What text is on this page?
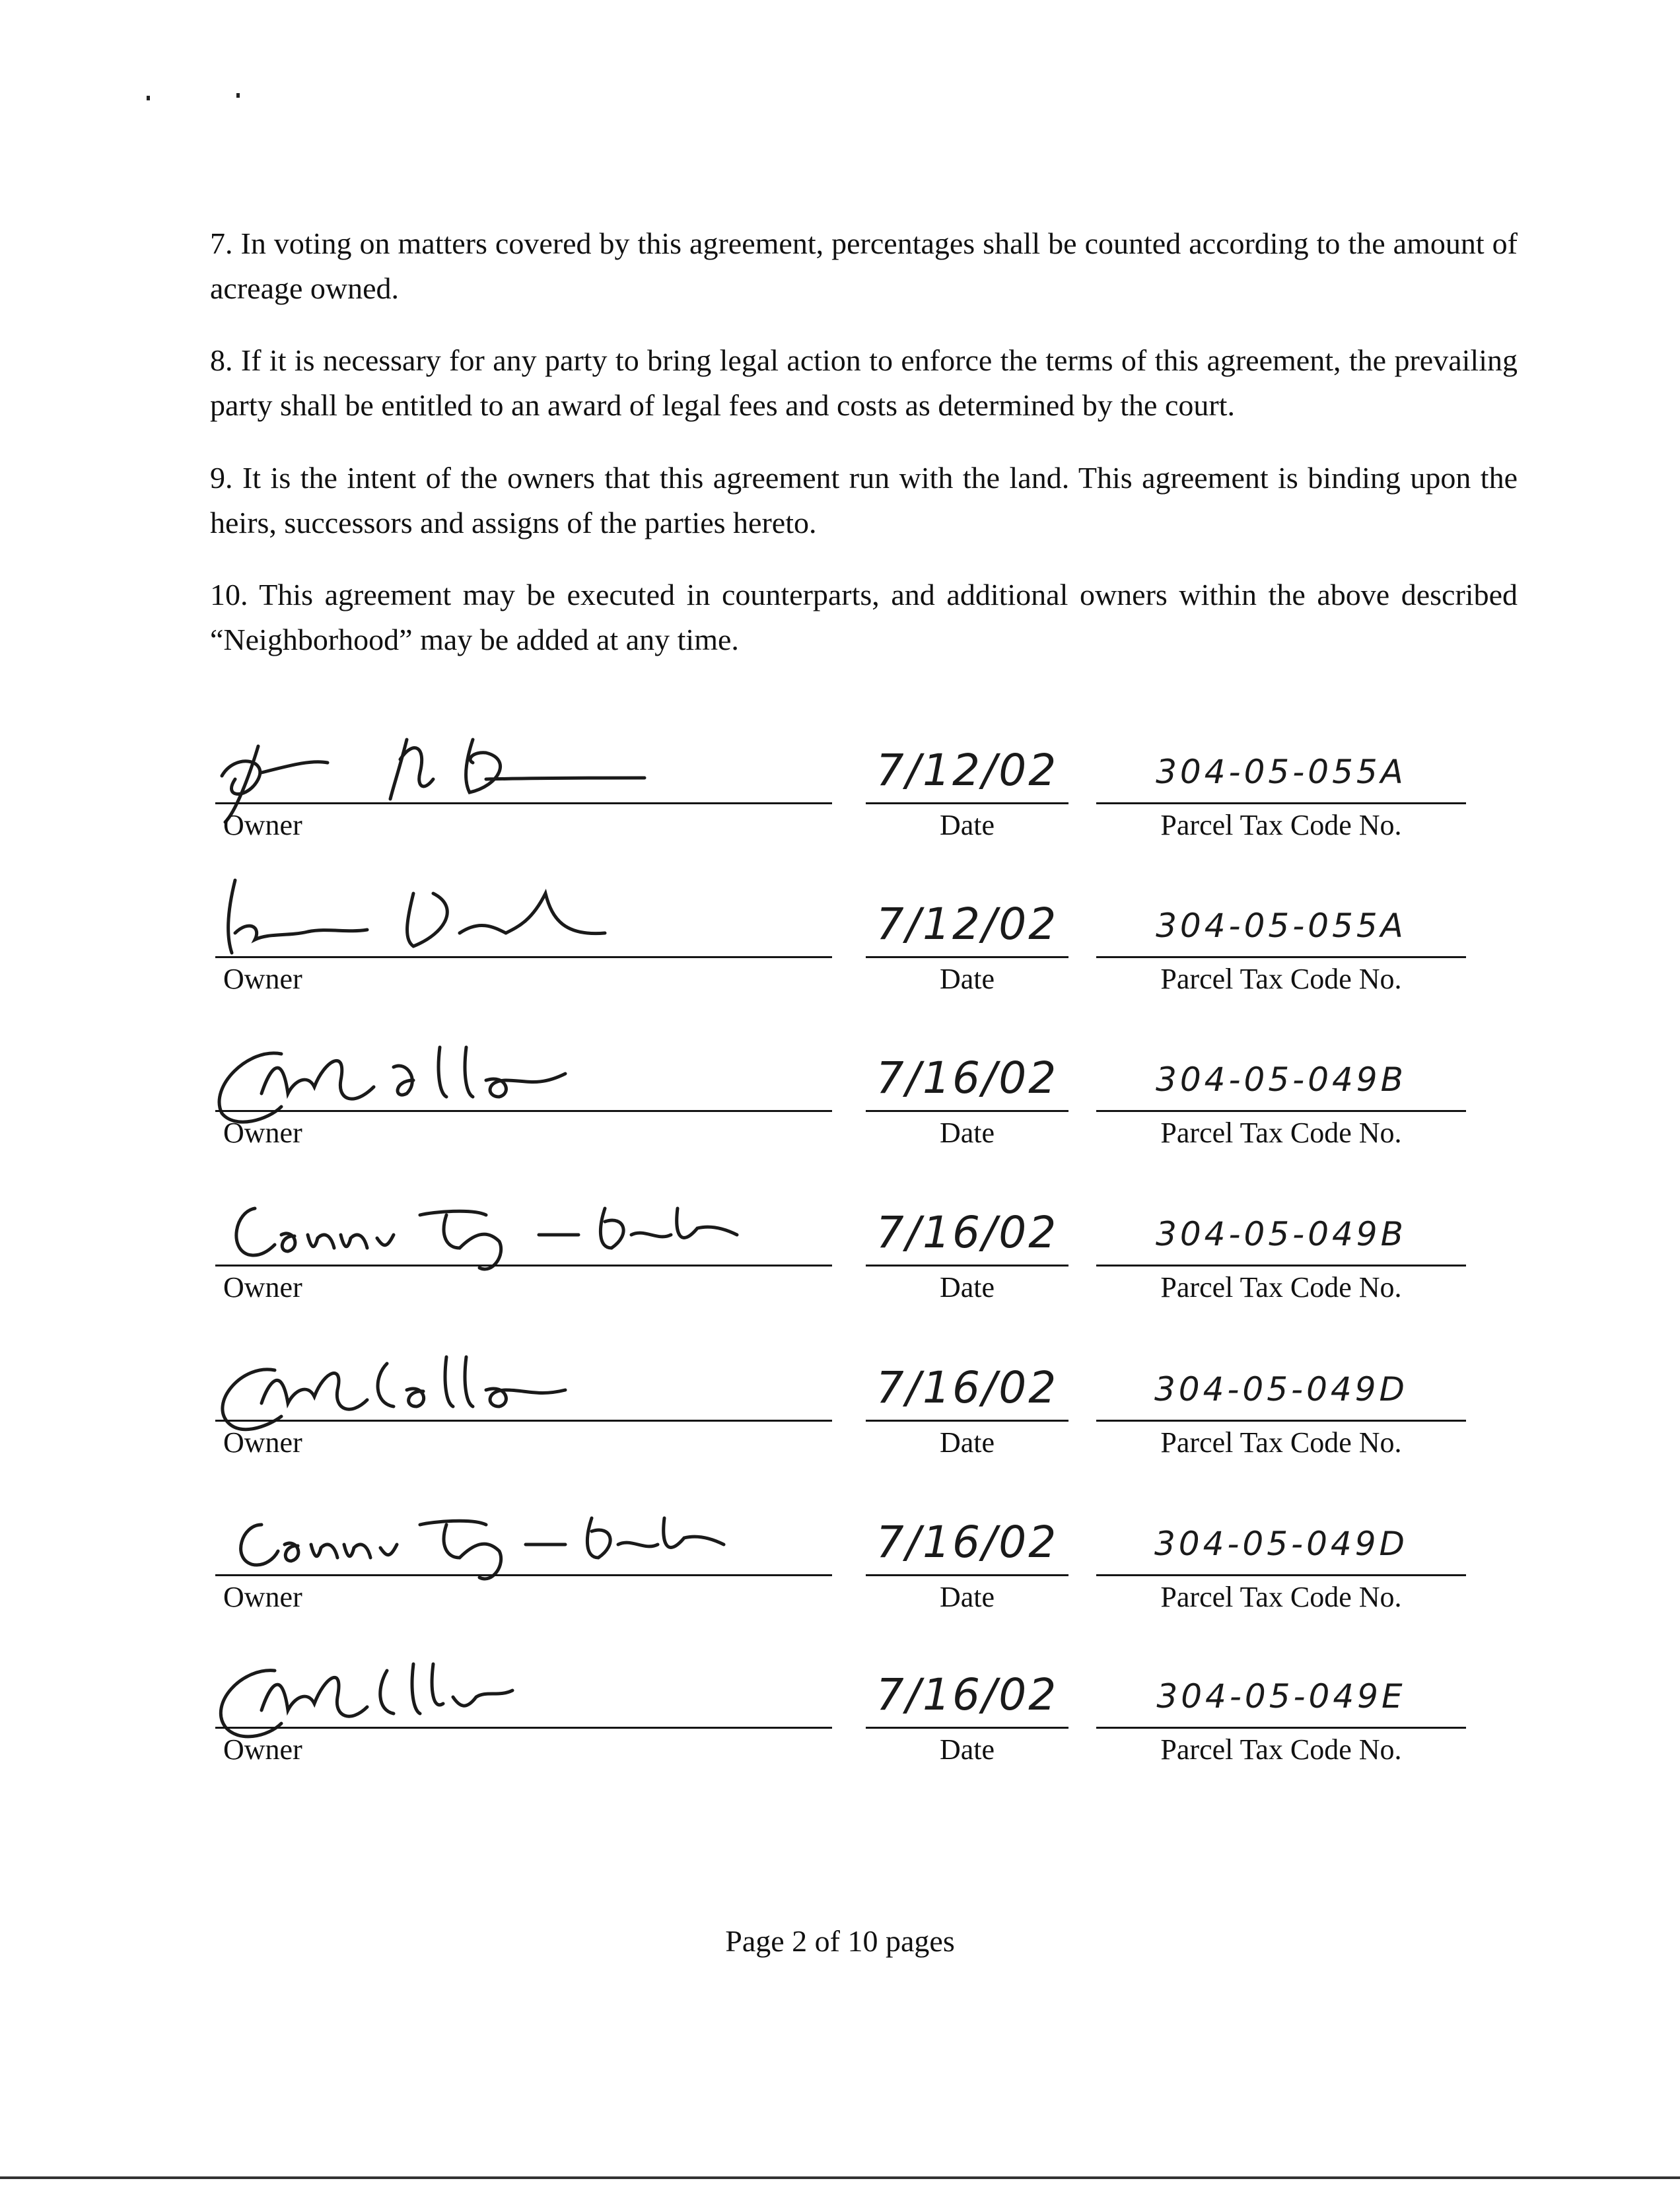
7. In voting on matters covered by this agreement, percentages shall be counted according to the amount of acreage owned.

8. If it is necessary for any party to bring legal action to enforce the terms of this agreement, the prevailing party shall be entitled to an award of legal fees and costs as determined by the court.

9. It is the intent of the owners that this agreement run with the land. This agreement is binding upon the heirs, successors and assigns of the parties hereto.

10. This agreement may be executed in counterparts, and additional owners within the above described “Neighborhood” may be added at any time.

Owner
7/12/02
Date
304-05-055A
Parcel Tax Code No.
Owner
7/12/02
Date
304-05-055A
Parcel Tax Code No.
Owner
7/16/02
Date
304-05-049B
Parcel Tax Code No.
Owner
7/16/02
Date
304-05-049B
Parcel Tax Code No.
Owner
7/16/02
Date
304-05-049D
Parcel Tax Code No.
Owner
7/16/02
Date
304-05-049D
Parcel Tax Code No.
Owner
7/16/02
Date
304-05-049E
Parcel Tax Code No.
Page 2 of 10 pages
